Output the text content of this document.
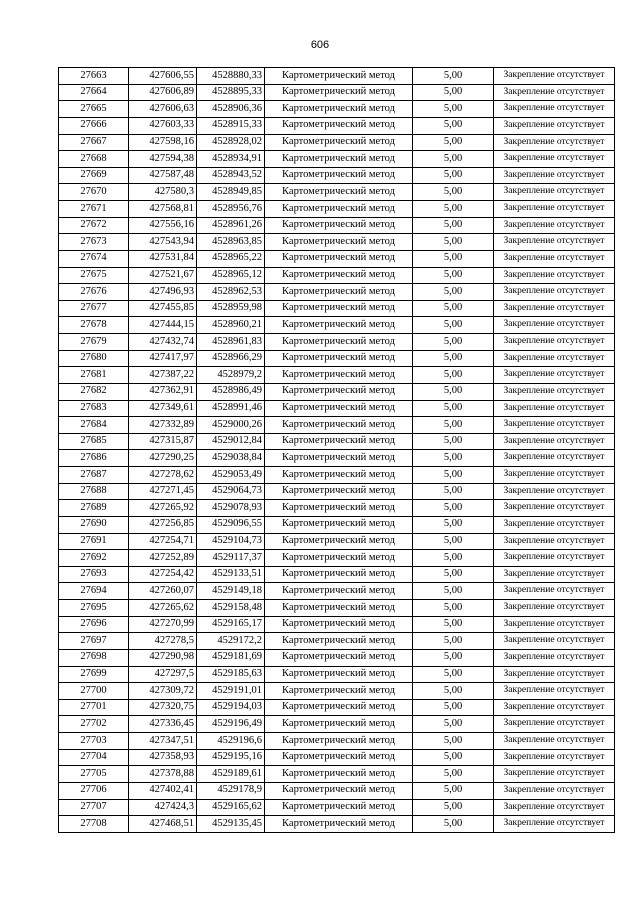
606
27663	427606,55	4528880,33	Картометрический метод	5,00	Закрепление отсутствует
27664	427606,89	4528895,33	Картометрический метод	5,00	Закрепление отсутствует
27665	427606,63	4528906,36	Картометрический метод	5,00	Закрепление отсутствует
27666	427603,33	4528915,33	Картометрический метод	5,00	Закрепление отсутствует
27667	427598,16	4528928,02	Картометрический метод	5,00	Закрепление отсутствует
27668	427594,38	4528934,91	Картометрический метод	5,00	Закрепление отсутствует
27669	427587,48	4528943,52	Картометрический метод	5,00	Закрепление отсутствует
27670	427580,3	4528949,85	Картометрический метод	5,00	Закрепление отсутствует
27671	427568,81	4528956,76	Картометрический метод	5,00	Закрепление отсутствует
27672	427556,16	4528961,26	Картометрический метод	5,00	Закрепление отсутствует
27673	427543,94	4528963,85	Картометрический метод	5,00	Закрепление отсутствует
27674	427531,84	4528965,22	Картометрический метод	5,00	Закрепление отсутствует
27675	427521,67	4528965,12	Картометрический метод	5,00	Закрепление отсутствует
27676	427496,93	4528962,53	Картометрический метод	5,00	Закрепление отсутствует
27677	427455,85	4528959,98	Картометрический метод	5,00	Закрепление отсутствует
27678	427444,15	4528960,21	Картометрический метод	5,00	Закрепление отсутствует
27679	427432,74	4528961,83	Картометрический метод	5,00	Закрепление отсутствует
27680	427417,97	4528966,29	Картометрический метод	5,00	Закрепление отсутствует
27681	427387,22	4528979,2	Картометрический метод	5,00	Закрепление отсутствует
27682	427362,91	4528986,49	Картометрический метод	5,00	Закрепление отсутствует
27683	427349,61	4528991,46	Картометрический метод	5,00	Закрепление отсутствует
27684	427332,89	4529000,26	Картометрический метод	5,00	Закрепление отсутствует
27685	427315,87	4529012,84	Картометрический метод	5,00	Закрепление отсутствует
27686	427290,25	4529038,84	Картометрический метод	5,00	Закрепление отсутствует
27687	427278,62	4529053,49	Картометрический метод	5,00	Закрепление отсутствует
27688	427271,45	4529064,73	Картометрический метод	5,00	Закрепление отсутствует
27689	427265,92	4529078,93	Картометрический метод	5,00	Закрепление отсутствует
27690	427256,85	4529096,55	Картометрический метод	5,00	Закрепление отсутствует
27691	427254,71	4529104,73	Картометрический метод	5,00	Закрепление отсутствует
27692	427252,89	4529117,37	Картометрический метод	5,00	Закрепление отсутствует
27693	427254,42	4529133,51	Картометрический метод	5,00	Закрепление отсутствует
27694	427260,07	4529149,18	Картометрический метод	5,00	Закрепление отсутствует
27695	427265,62	4529158,48	Картометрический метод	5,00	Закрепление отсутствует
27696	427270,99	4529165,17	Картометрический метод	5,00	Закрепление отсутствует
27697	427278,5	4529172,2	Картометрический метод	5,00	Закрепление отсутствует
27698	427290,98	4529181,69	Картометрический метод	5,00	Закрепление отсутствует
27699	427297,5	4529185,63	Картометрический метод	5,00	Закрепление отсутствует
27700	427309,72	4529191,01	Картометрический метод	5,00	Закрепление отсутствует
27701	427320,75	4529194,03	Картометрический метод	5,00	Закрепление отсутствует
27702	427336,45	4529196,49	Картометрический метод	5,00	Закрепление отсутствует
27703	427347,51	4529196,6	Картометрический метод	5,00	Закрепление отсутствует
27704	427358,93	4529195,16	Картометрический метод	5,00	Закрепление отсутствует
27705	427378,88	4529189,61	Картометрический метод	5,00	Закрепление отсутствует
27706	427402,41	4529178,9	Картометрический метод	5,00	Закрепление отсутствует
27707	427424,3	4529165,62	Картометрический метод	5,00	Закрепление отсутствует
27708	427468,51	4529135,45	Картометрический метод	5,00	Закрепление отсутствует
